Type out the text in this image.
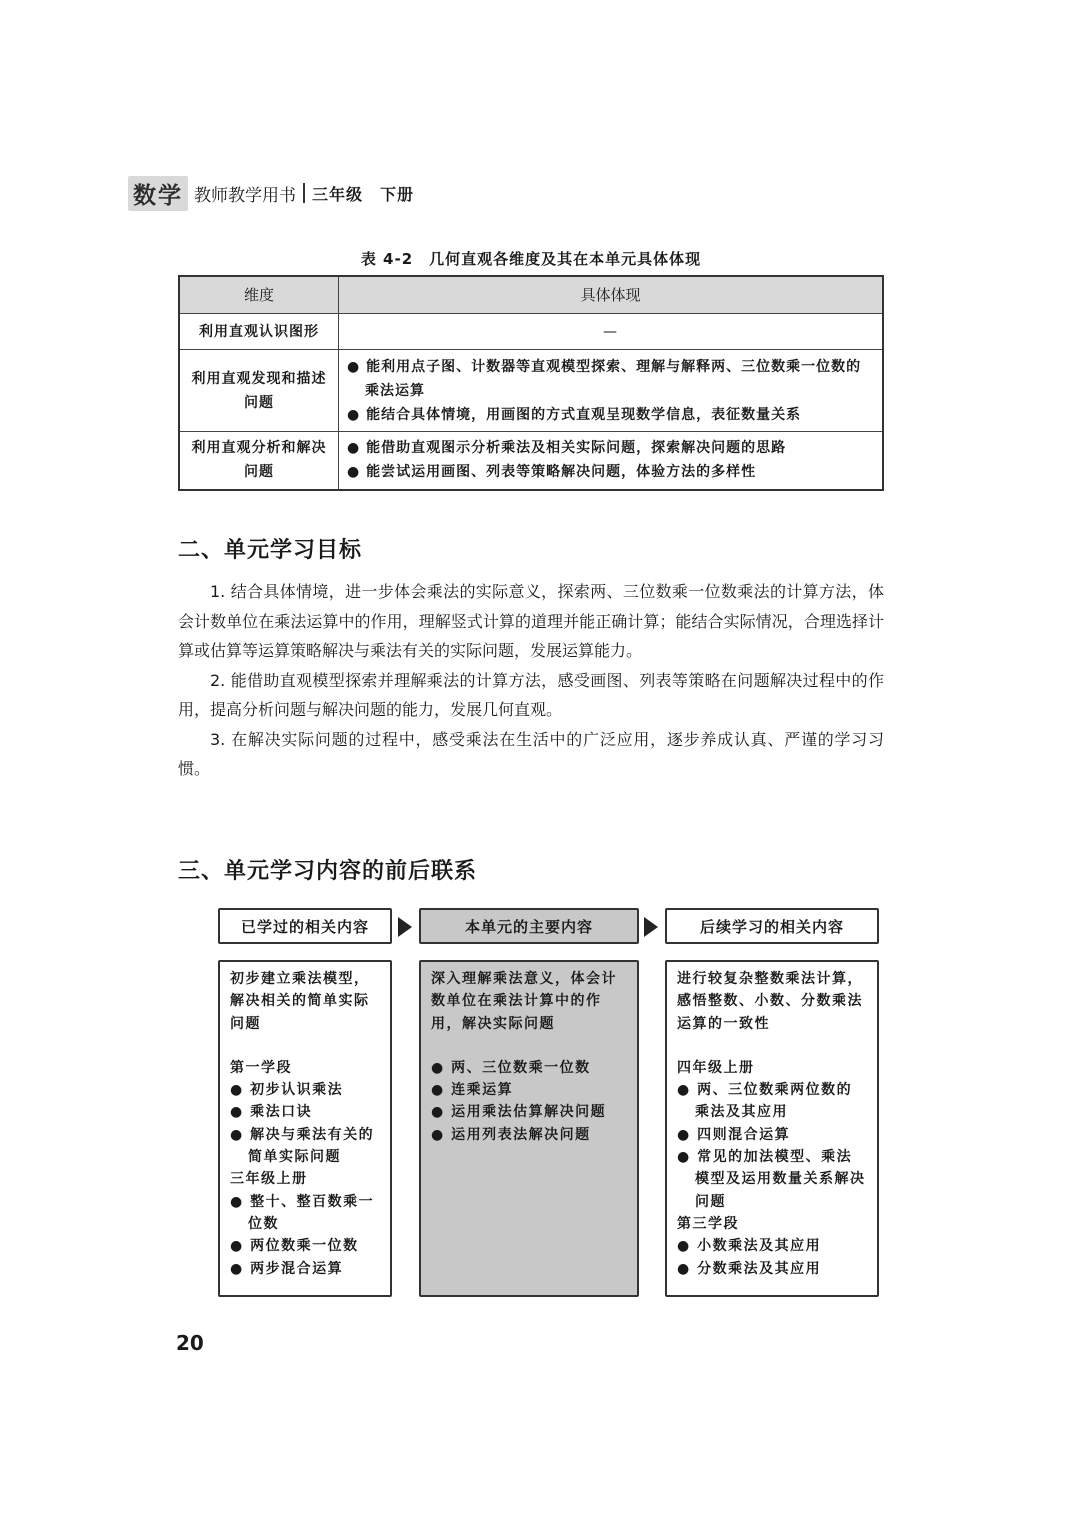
数学 教师教学用书 三年级　下册
表 4-2　几何直观各维度及其在本单元具体体现
维度	具体体现
利用直观认识图形	—
利用直观发现和描述问题	● 能利用点子图、计数器等直观模型探索、理解与解释两、三位数乘一位数的乘法运算

● 能结合具体情境，用画图的方式直观呈现数学信息，表征数量关系

利用直观分析和解决问题	● 能借助直观图示分析乘法及相关实际问题，探索解决问题的思路

● 能尝试运用画图、列表等策略解决问题，体验方法的多样性

二、单元学习目标

1. 结合具体情境，进一步体会乘法的实际意义，探索两、三位数乘一位数乘法的计算方法，体会计数单位在乘法运算中的作用，理解竖式计算的道理并能正确计算；能结合实际情况，合理选择计算或估算等运算策略解决与乘法有关的实际问题，发展运算能力。

2. 能借助直观模型探索并理解乘法的计算方法，感受画图、列表等策略在问题解决过程中的作用，提高分析问题与解决问题的能力，发展几何直观。

3. 在解决实际问题的过程中，感受乘法在生活中的广泛应用，逐步养成认真、严谨的学习习惯。

三、单元学习内容的前后联系
已学过的相关内容	本单元的主要内容	后续学习的相关内容

初步建立乘法模型，解决相关的简单实际问题

第一学段

● 初步认识乘法

● 乘法口诀

● 解决与乘法有关的简单实际问题

三年级上册

● 整十、整百数乘一位数

● 两位数乘一位数

● 两步混合运算

深入理解乘法意义，体会计数单位在乘法计算中的作用，解决实际问题

● 两、三位数乘一位数

● 连乘运算

● 运用乘法估算解决问题

● 运用列表法解决问题

进行较复杂整数乘法计算，感悟整数、小数、分数乘法运算的一致性

四年级上册

● 两、三位数乘两位数的乘法及其应用

● 四则混合运算

● 常见的加法模型、乘法模型及运用数量关系解决问题

第三学段

● 小数乘法及其应用

● 分数乘法及其应用

20
